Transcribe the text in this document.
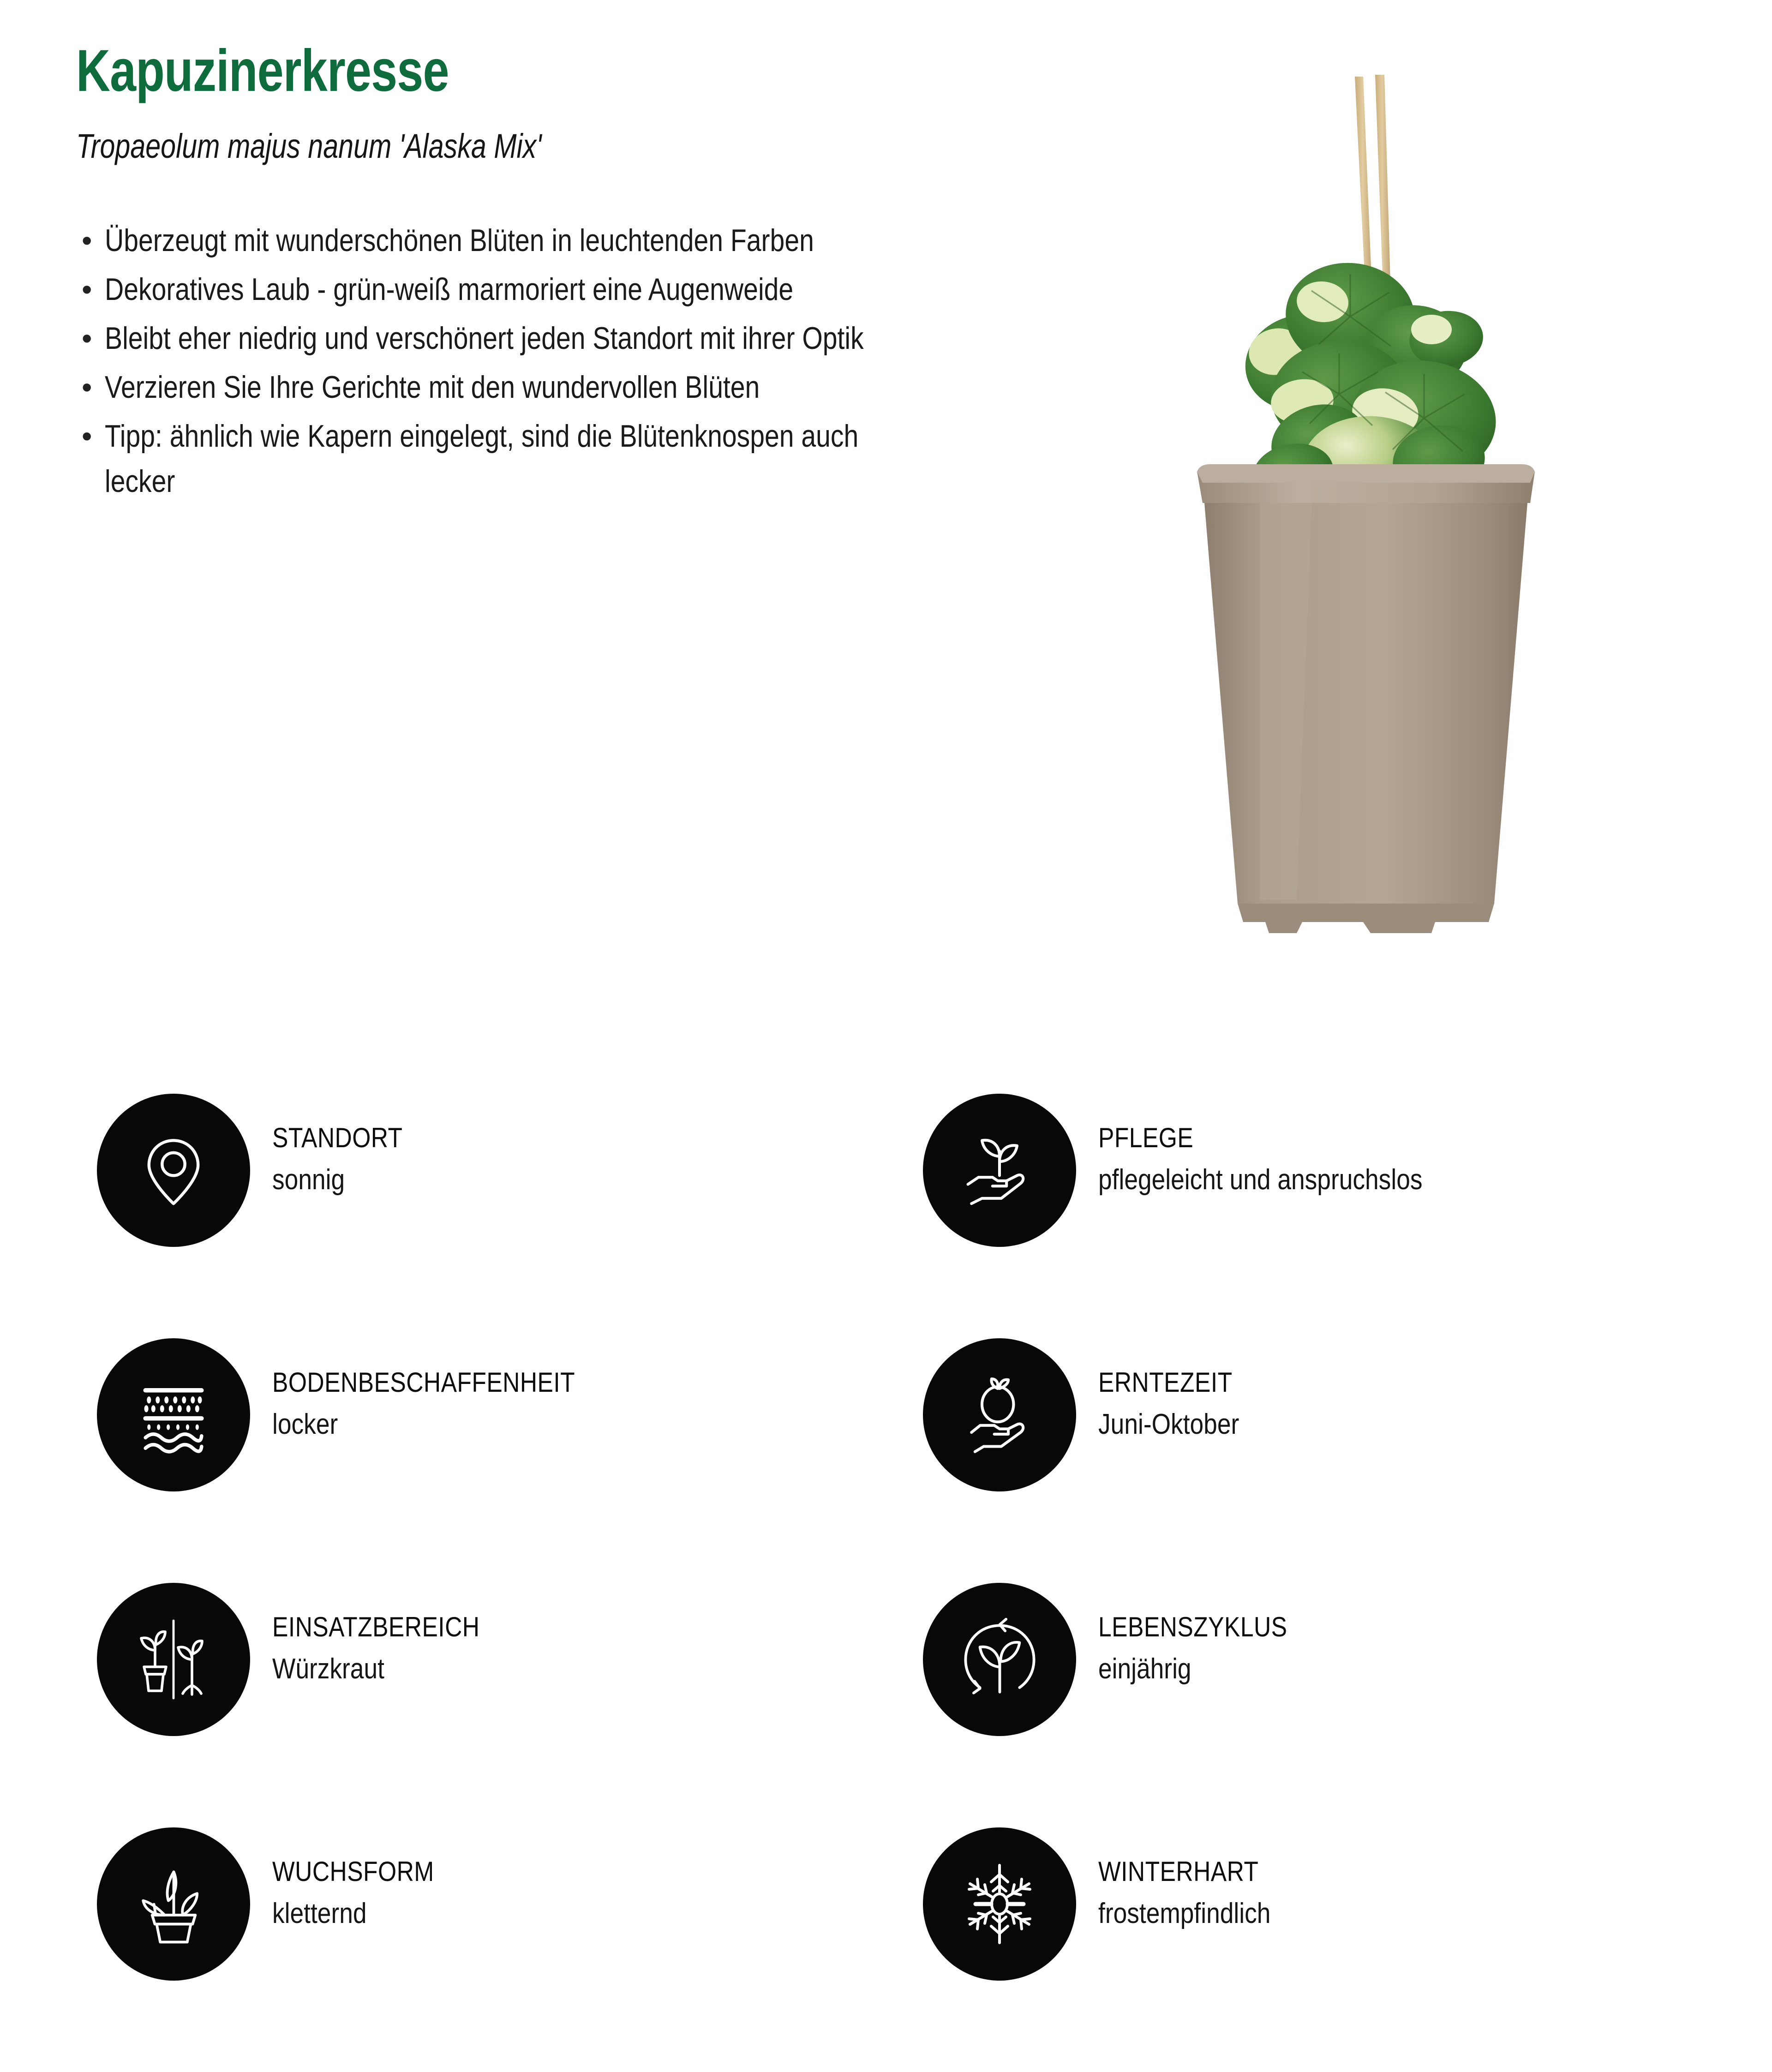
Kapuzinerkresse
Tropaeolum majus nanum 'Alaska Mix'
• Überzeugt mit wunderschönen Blüten in leuchtenden Farben
• Dekoratives Laub - grün-weiß marmoriert eine Augenweide
• Bleibt eher niedrig und verschönert jeden Standort mit ihrer Optik
• Verzieren Sie Ihre Gerichte mit den wundervollen Blüten
• Tipp: ähnlich wie Kapern eingelegt, sind die Blütenknospen auch lecker
STANDORT
sonnig
PFLEGE
pflegeleicht und anspruchslos
BODENBESCHAFFENHEIT
locker
ERNTEZEIT
Juni-Oktober
EINSATZBEREICH
Würzkraut
LEBENSZYKLUS
einjährig
WUCHSFORM
kletternd
WINTERHART
frostempfindlich
